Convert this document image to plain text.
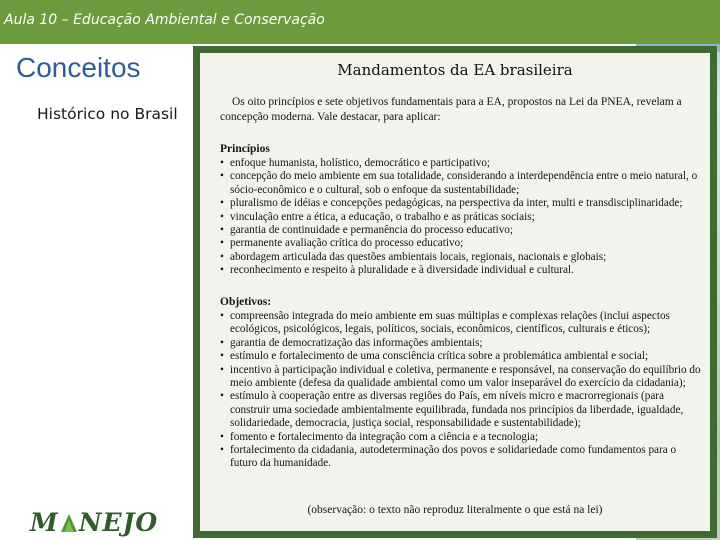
Aula 10 – Educação Ambiental e Conservação
Conceitos
Histórico no Brasil
M NEJO
Mandamentos da EA brasileira
Os oito princípios e sete objetivos fundamentais para a EA, propostos na Lei da PNEA, revelam a concepção moderna. Vale destacar, para aplicar:
Princípios
• enfoque humanista, holístico, democrático e participativo;
• concepção do meio ambiente em sua totalidade, considerando a interdependência entre o meio natural, o sócio-econômico e o cultural, sob o enfoque da sustentabilidade;
• pluralismo de idéias e concepções pedagógicas, na perspectiva da inter, multi e transdisciplinaridade;
• vinculação entre a ética, a educação, o trabalho e as práticas sociais;
• garantia de continuidade e permanência do processo educativo;
• permanente avaliação crítica do processo educativo;
• abordagem articulada das questões ambientais locais, regionais, nacionais e globais;
• reconhecimento e respeito à pluralidade e à diversidade individual e cultural.
Objetivos:
• compreensão integrada do meio ambiente em suas múltiplas e complexas relações (inclui aspectos ecológicos, psicológicos, legais, políticos, sociais, econômicos, científicos, culturais e éticos);
• garantia de democratização das informações ambientais;
• estímulo e fortalecimento de uma consciência crítica sobre a problemática ambiental e social;
• incentivo à participação individual e coletiva, permanente e responsável, na conservação do equilíbrio do meio ambiente (defesa da qualidade ambiental como um valor inseparável do exercício da cidadania);
• estímulo à cooperação entre as diversas regiões do País, em níveis micro e macrorregionais (para construir uma sociedade ambientalmente equilibrada, fundada nos princípios da liberdade, igualdade, solidariedade, democracia, justiça social, responsabilidade e sustentabilidade);
• fomento e fortalecimento da integração com a ciência e a tecnologia;
• fortalecimento da cidadania, autodeterminação dos povos e solidariedade como fundamentos para o futuro da humanidade.
(observação: o texto não reproduz literalmente o que está na lei)
